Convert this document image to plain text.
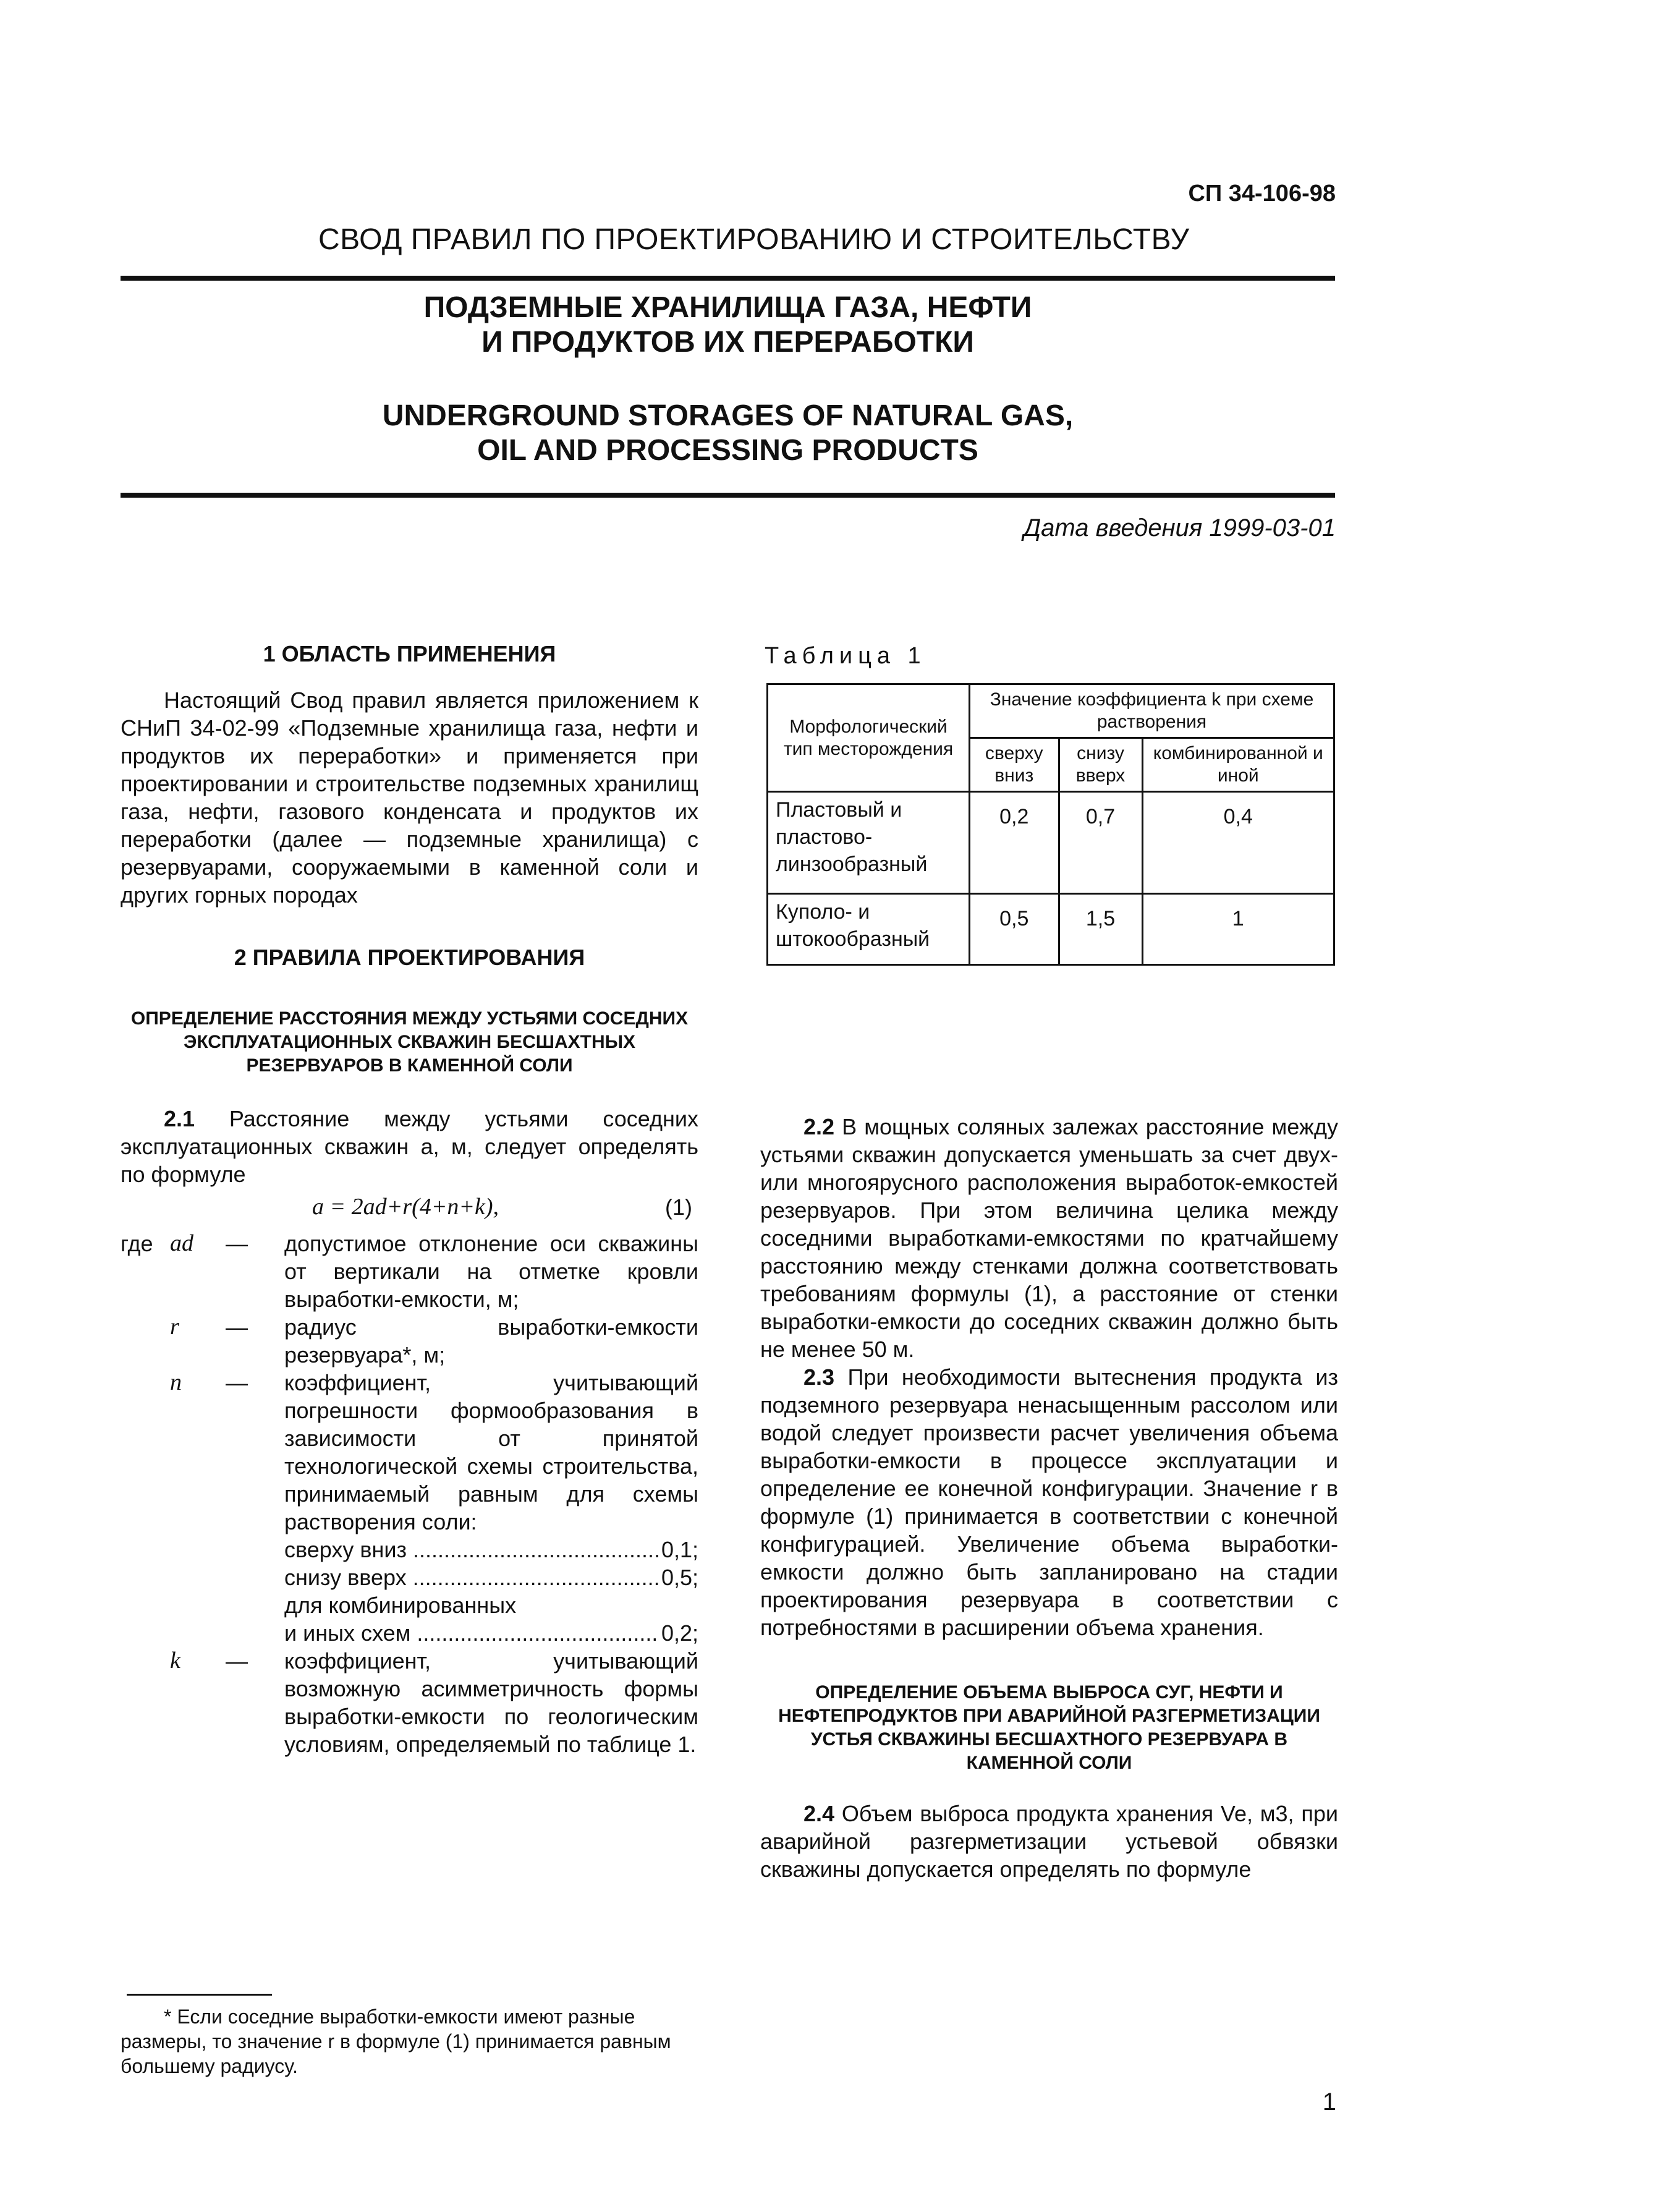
СП 34-106-98
СВОД ПРАВИЛ ПО ПРОЕКТИРОВАНИЮ И СТРОИТЕЛЬСТВУ
ПОДЗЕМНЫЕ ХРАНИЛИЩА ГАЗА, НЕФТИ
И ПРОДУКТОВ ИХ ПЕРЕРАБОТКИ
UNDERGROUND STORAGES OF NATURAL GAS,
OIL AND PROCESSING PRODUCTS
Дата введения 1999-03-01

1 ОБЛАСТЬ ПРИМЕНЕНИЯ

Настоящий Свод правил является приложением к СНиП 34-02-99 «Подземные хранилища газа, нефти и продуктов их переработки» и применяется при проектировании и строительстве подземных хранилищ газа, нефти, газового конденсата и продуктов их переработки (далее — подземные хранилища) с резервуарами, сооружаемыми в каменной соли и других горных породах

2 ПРАВИЛА ПРОЕКТИРОВАНИЯ

ОПРЕДЕЛЕНИЕ РАССТОЯНИЯ МЕЖДУ УСТЬЯМИ СОСЕДНИХ ЭКСПЛУАТАЦИОННЫХ СКВАЖИН БЕСШАХТНЫХ РЕЗЕРВУАРОВ В КАМЕННОЙ СОЛИ

2.1 Расстояние между устьями соседних эксплуатационных скважин a, м, следует определять по формуле

a = 2ad+r(4+n+k),	(1)
где ad	—	допустимое отклонение оси скважины от вертикали на отметке кровли выработки-емкости, м;
r	—	радиус выработки-емкости резервуара*, м;
n	—	коэффициент, учитывающий погрешности формообразования в зависимости от принятой технологической схемы строительства, принимаемый равным для схемы растворения соли:
сверху вниз .....	0,1;
снизу вверх .....	0,5;
для комбинированных
и иных схем .....	0,2;
k	—	коэффициент, учитывающий возможную асимметричность формы выработки-емкости по геологическим условиям, определяемый по таблице 1.
* Если соседние выработки-емкости имеют разные размеры, то значение r в формуле (1) принимается равным большему радиусу.
Таблица 1
Морфологический тип месторождения	Значение коэффициента k при схеме растворения		
	сверху вниз	снизу вверх	комбинированной и иной
Пластовый и пластово-линзообразный	0,2	0,7	0,4
Куполо- и штокообразный	0,5	1,5	1

2.2 В мощных соляных залежах расстояние между устьями скважин допускается уменьшать за счет двух- или многоярусного расположения выработок-емкостей резервуаров. При этом величина целика между соседними выработками-емкостями по кратчайшему расстоянию между стенками должна соответствовать требованиям формулы (1), а расстояние от стенки выработки-емкости до соседних скважин должно быть не менее 50 м.

2.3 При необходимости вытеснения продукта из подземного резервуара ненасыщенным рассолом или водой следует произвести расчет увеличения объема выработки-емкости в процессе эксплуатации и определение ее конечной конфигурации. Значение r в формуле (1) принимается в соответствии с конечной конфигурацией. Увеличение объема выработки-емкости должно быть запланировано на стадии проектирования резервуара в соответствии с потребностями в расширении объема хранения.

ОПРЕДЕЛЕНИЕ ОБЪЕМА ВЫБРОСА СУГ, НЕФТИ И НЕФТЕПРОДУКТОВ ПРИ АВАРИЙНОЙ РАЗГЕРМЕТИЗАЦИИ УСТЬЯ СКВАЖИНЫ БЕСШАХТНОГО РЕЗЕРВУАРА В КАМЕННОЙ СОЛИ

2.4 Объем выброса продукта хранения Ve, м3, при аварийной разгерметизации устьевой обвязки скважины допускается определять по формуле

1
